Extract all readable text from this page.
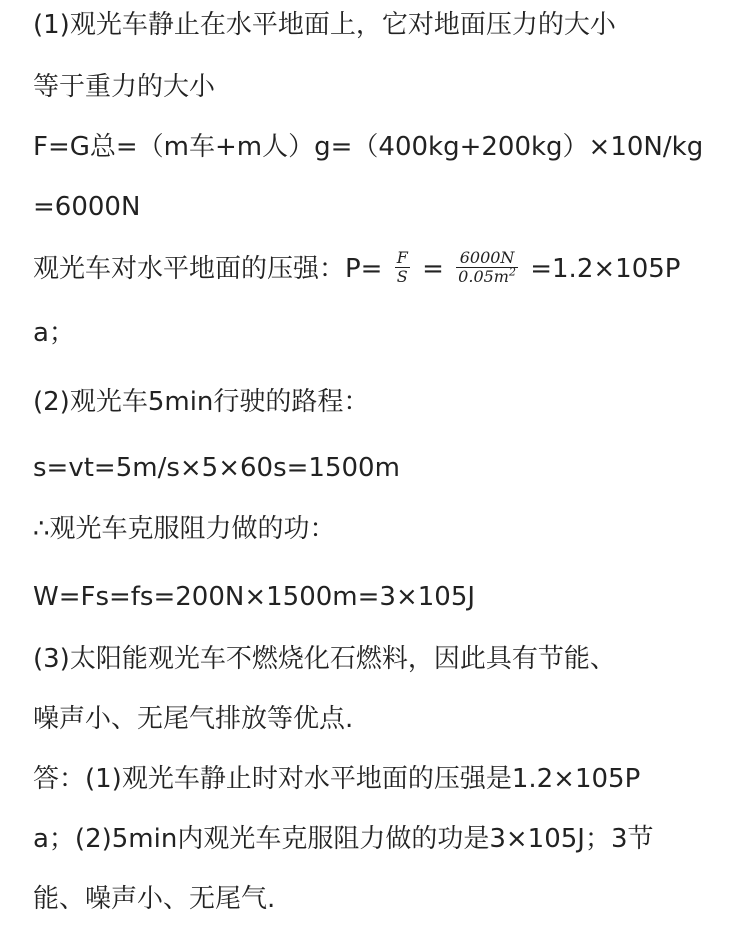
(1)观光车静止在水平地面上，它对地面压力的大小
等于重力的大小
F=G总=（m车+m人）g=（400kg+200kg）×10N/kg
=6000N
观光车对水平地面的压强：$P= \frac{F}{S} = \frac{6000N}{0.05m^2} =1.2\times 105P$
a；
(2)观光车5min行驶的路程：
s=vt=5m/s×5×60s=1500m
∴观光车克服阻力做的功：
W=Fs=fs=200N×1500m=3×105J
(3)太阳能观光车不燃烧化石燃料，因此具有节能、
噪声小、无尾气排放等优点.
答：(1)观光车静止时对水平地面的压强是1.2×105P
a；(2)5min内观光车克服阻力做的功是3×105J；3节
能、噪声小、无尾气.
